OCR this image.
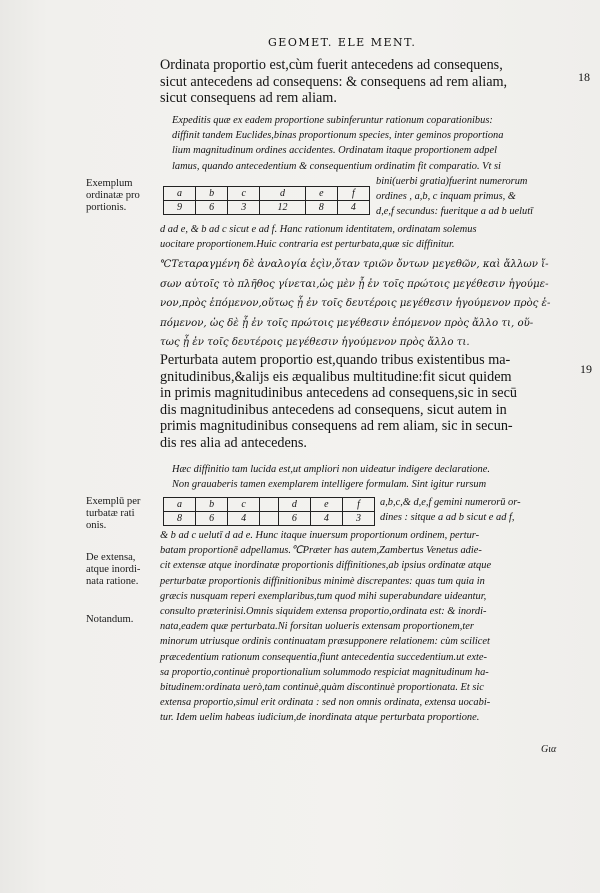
GEOMET. ELE MENT.
18
19
Ordinata proportio est,cùm fuerit antecedens ad consequens,
sicut antecedens ad consequens: & consequens ad rem aliam,
sicut consequens ad rem aliam.
Expeditis quæ ex eadem proportione subinferuntur rationum coparationibus:
diffinit tandem Euclides,binas proportionum species, inter geminos proportiona
lium magnitudinum ordines accidentes. Ordinatam itaque proportionem adpel
lamus, quando antecedentium & consequentium ordinatim fit comparatio. Vt si
Exemplum
ordinatæ pro
portionis.
a	b	c	d	e	f
9	6	3	12	8	4
bini(uerbi gratia)fuerint numerorum
ordines , a,b, c inquam primus, &
d,e,f secundus: fueritque a ad b uelutī
d ad e, & b ad c sicut e ad f. Hanc rationum identitatem, ordinatam solemus
uocitare proportionem.Huic contraria est perturbata,quæ sic diffinitur.
℃Τεταραγμένη δὲ ἀναλογία ἐςὶν,ὅταν τριῶν ὄντων μεγεθῶν, καὶ ἄλλων ἴ-
σων αὐτοῖς τὸ πλῆθος γίνεται,ὡς μὲν ᾖ ἐν τοῖς πρώτοις μεγέθεσιν ἡγούμε-
νον,πρὸς ἑπόμενον,οὕτως ᾖ ἐν τοῖς δευτέροις μεγέθεσιν ἡγούμενον πρὸς ἑ-
πόμενον, ὡς δὲ ᾖ ἐν τοῖς πρώτοις μεγέθεσιν ἑπόμενον πρὸς ἄλλο τι, οὕ-
τως ᾖ ἐν τοῖς δευτέροις μεγέθεσιν ἡγούμενον πρὸς ἄλλο τι.
Perturbata autem proportio est,quando tribus existentibus ma-
gnitudinibus,&alijs eis æqualibus multitudine:fit sicut quidem
in primis magnitudinibus antecedens ad consequens,sic in secū
dis magnitudinibus antecedens ad consequens, sicut autem in
primis magnitudinibus consequens ad rem aliam, sic in secun-
dis res alia ad antecedens.
Hæc diffinitio tam lucida est,ut ampliori non uideatur indigere declaratione.
Non grauaberis tamen exemplarem intelligere formulam. Sint igitur rursum
Exemplū per
turbatæ rati
onis.
a	b	c		d	e	f
8	6	4		6	4	3
a,b,c,& d,e,f gemini numerorū or-
dines : sitque a ad b sicut e ad f,
De extensa,
atque inordi-
nata ratione.
Notandum.
& b ad c uelutī d ad e. Hunc itaque inuersum proportionum ordinem, pertur-
batam proportionē adpellamus.℃Præter has autem,Zambertus Venetus adie-
cit extensæ atque inordinatæ proportionis diffinitiones,ab ipsius ordinatæ atque
perturbatæ proportionis diffinitionibus minimè discrepantes: quas tum quia in
græcis nusquam reperi exemplaribus,tum quod mihi superabundare uideantur,
consulto præterinisi.Omnis siquidem extensa proportio,ordinata est: & inordi-
nata,eadem quæ perturbata.Ni forsitan uolueris extensam proportionem,ter
minorum utriusque ordinis continuatam præsupponere relationem: cùm scilicet
præcedentium rationum consequentia,fiunt antecedentia succedentium.ut exte-
sa proportio,continuè proportionalium solummodo respiciat magnitudinum ha-
bitudinem:ordinata uerò,tam continuè,quàm discontinuè proportionata. Et sic
extensa proportio,simul erit ordinata : sed non omnis ordinata, extensa uocabi-
tur. Idem uelim habeas iudicium,de inordinata atque perturbata proportione.
Gια
